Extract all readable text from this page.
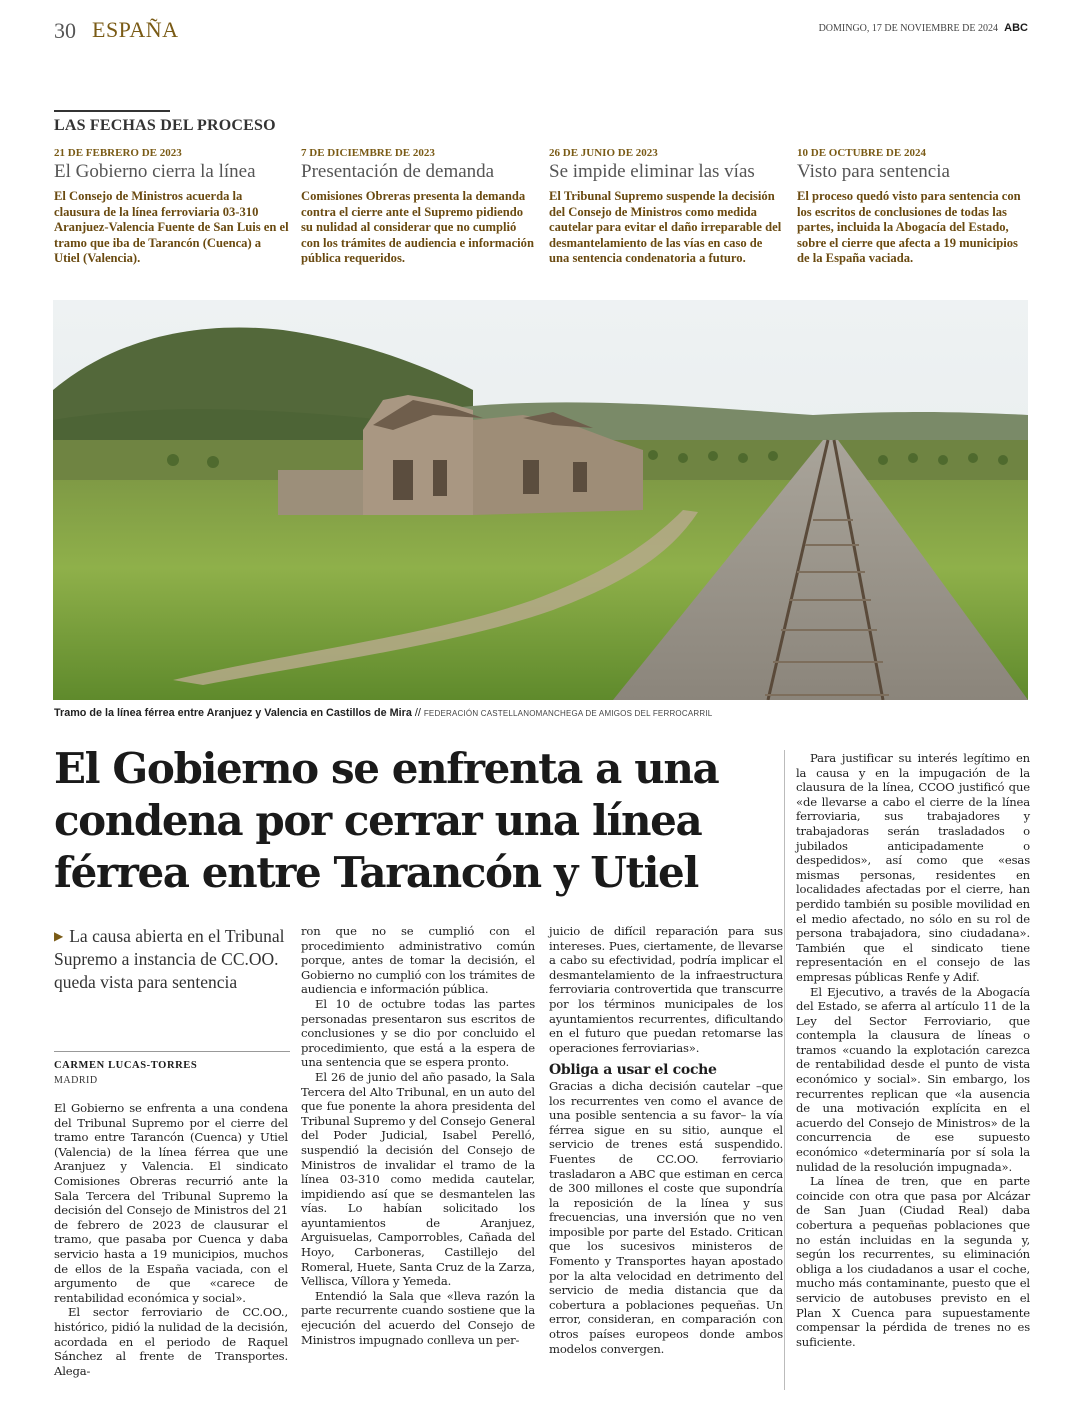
30 ESPAÑA	DOMINGO, 17 DE NOVIEMBRE DE 2024 ABC
LAS FECHAS DEL PROCESO
21 DE FEBRERO DE 2023
El Gobierno cierra la línea
El Consejo de Ministros acuerda la clausura de la línea ferroviaria 03-310 Aranjuez-Valencia Fuente de San Luis en el tramo que iba de Tarancón (Cuenca) a Utiel (Valencia).
7 DE DICIEMBRE DE 2023
Presentación de demanda
Comisiones Obreras presenta la demanda contra el cierre ante el Supremo pidiendo su nulidad al considerar que no cumplió con los trámites de audiencia e información pública requeridos.
26 DE JUNIO DE 2023
Se impide eliminar las vías
El Tribunal Supremo suspende la decisión del Consejo de Ministros como medida cautelar para evitar el daño irreparable del desmantelamiento de las vías en caso de una sentencia condenatoria a futuro.
10 DE OCTUBRE DE 2024
Visto para sentencia
El proceso quedó visto para sentencia con los escritos de conclusiones de todas las partes, incluida la Abogacía del Estado, sobre el cierre que afecta a 19 municipios de la España vaciada.
Tramo de la línea férrea entre Aranjuez y Valencia en Castillos de Mira // FEDERACIÓN CASTELLANOMANCHEGA DE AMIGOS DEL FERROCARRIL
El Gobierno se enfrenta a una
condena por cerrar una línea
férrea entre Tarancón y Utiel
▶ La causa abierta en el Tribunal Supremo a instancia de CC.OO. queda vista para sentencia
CARMEN LUCAS-TORRES
MADRID

El Gobierno se enfrenta a una condena del Tribunal Supremo por el cierre del tramo entre Tarancón (Cuenca) y Utiel (Valencia) de la línea férrea que une Aranjuez y Valencia. El sindicato Comisiones Obreras recurrió ante la Sala Tercera del Tribunal Supremo la decisión del Consejo de Ministros del 21 de febrero de 2023 de clausurar el tramo, que pasaba por Cuenca y daba servicio hasta a 19 municipios, muchos de ellos de la España vaciada, con el argumento de que «carece de rentabilidad económica y social».

El sector ferroviario de CC.OO., histórico, pidió la nulidad de la decisión, acordada en el periodo de Raquel Sánchez al frente de Transportes. Alega-

ron que no se cumplió con el procedimiento administrativo común porque, antes de tomar la decisión, el Gobierno no cumplió con los trámites de audiencia e información pública.

El 10 de octubre todas las partes personadas presentaron sus escritos de conclusiones y se dio por concluido el procedimiento, que está a la espera de una sentencia que se espera pronto.

El 26 de junio del año pasado, la Sala Tercera del Alto Tribunal, en un auto del que fue ponente la ahora presidenta del Tribunal Supremo y del Consejo General del Poder Judicial, Isabel Perelló, suspendió la decisión del Consejo de Ministros de invalidar el tramo de la línea 03-310 como medida cautelar, impidiendo así que se desmantelen las vías. Lo habían solicitado los ayuntamientos de Aranjuez, Arguisuelas, Camporrobles, Cañada del Hoyo, Carboneras, Castillejo del Romeral, Huete, Santa Cruz de la Zarza, Vellisca, Víllora y Yemeda.

Entendió la Sala que «lleva razón la parte recurrente cuando sostiene que la ejecución del acuerdo del Consejo de Ministros impugnado conlleva un per-

juicio de difícil reparación para sus intereses. Pues, ciertamente, de llevarse a cabo su efectividad, podría implicar el desmantelamiento de la infraestructura ferroviaria controvertida que transcurre por los términos municipales de los ayuntamientos recurrentes, dificultando en el futuro que puedan retomarse las operaciones ferroviarias».

Obliga a usar el coche

Gracias a dicha decisión cautelar –que los recurrentes ven como el avance de una posible sentencia a su favor– la vía férrea sigue en su sitio, aunque el servicio de trenes está suspendido. Fuentes de CC.OO. ferroviario trasladaron a ABC que estiman en cerca de 300 millones el coste que supondría la reposición de la línea y sus frecuencias, una inversión que no ven imposible por parte del Estado. Critican que los sucesivos ministeros de Fomento y Transportes hayan apostado por la alta velocidad en detrimento del servicio de media distancia que da cobertura a poblaciones pequeñas. Un error, consideran, en comparación con otros países europeos donde ambos modelos convergen.

Para justificar su interés legítimo en la causa y en la impugación de la clausura de la línea, CCOO justificó que «de llevarse a cabo el cierre de la línea ferroviaria, sus trabajadores y trabajadoras serán trasladados o jubilados anticipadamente o despedidos», así como que «esas mismas personas, residentes en localidades afectadas por el cierre, han perdido también su posible movilidad en el medio afectado, no sólo en su rol de persona trabajadora, sino ciudadana». También que el sindicato tiene representación en el consejo de las empresas públicas Renfe y Adif.

El Ejecutivo, a través de la Abogacía del Estado, se aferra al artículo 11 de la Ley del Sector Ferroviario, que contempla la clausura de líneas o tramos «cuando la explotación carezca de rentabilidad desde el punto de vista económico y social». Sin embargo, los recurrentes replican que «la ausencia de una motivación explícita en el acuerdo del Consejo de Ministros» de la concurrencia de ese supuesto económico «determinaría por sí sola la nulidad de la resolución impugnada».

La línea de tren, que en parte coincide con otra que pasa por Alcázar de San Juan (Ciudad Real) daba cobertura a pequeñas poblaciones que no están incluidas en la segunda y, según los recurrentes, su eliminación obliga a los ciudadanos a usar el coche, mucho más contaminante, puesto que el servicio de autobuses previsto en el Plan X Cuenca para supuestamente compensar la pérdida de trenes no es suficiente.
